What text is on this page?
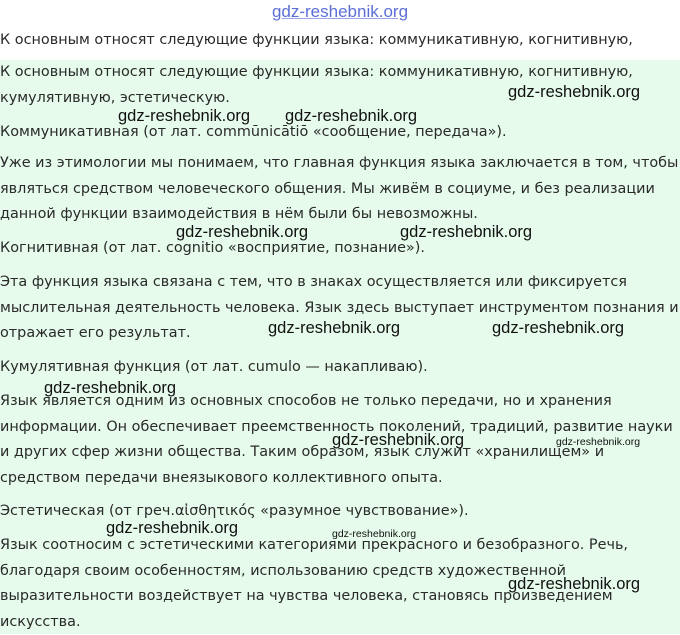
gdz-reshebnik.org
К основным относят следующие функции языка: коммуникативную, когнитивную,
К основным относят следующие функции языка: коммуникативную, когнитивную,
кумулятивную, эстетическую.
Коммуникативная (от лат. commūnicātiō «сообщение, передача»).
Уже из этимологии мы понимаем, что главная функция языка заключается в том, чтобы
являться средством человеческого общения. Мы живём в социуме, и без реализации
данной функции взаимодействия в нём были бы невозможны.
Когнитивная (от лат. cognitio «восприятие, познание»).
Эта функция языка связана с тем, что в знаках осуществляется или фиксируется
мыслительная деятельность человека. Язык здесь выступает инструментом познания и
отражает его результат.
Кумулятивная функция (от лат. cumulo — накапливаю).
Язык является одним из основных способов не только передачи, но и хранения
информации. Он обеспечивает преемственность поколений, традиций, развитие науки
и других сфер жизни общества. Таким образом, язык служит «хранилищем» и
средством передачи внеязыкового коллективного опыта.
Эстетическая (от греч.αἰσθητικός «разумное чувствование»).
Язык соотносим с эстетическими категориями прекрасного и безобразного. Речь,
благодаря своим особенностям, использованию средств художественной
выразительности воздействует на чувства человека, становясь произведением
искусства.
gdz-reshebnik.org
gdz-reshebnik.org gdz-reshebnik.org
gdz-reshebnik.org	gdz-reshebnik.org
gdz-reshebnik.org	gdz-reshebnik.org
gdz-reshebnik.org
gdz-reshebnik.org	gdz-reshebnik.org
gdz-reshebnik.org	gdz-reshebnik.org
gdz-reshebnik.org
